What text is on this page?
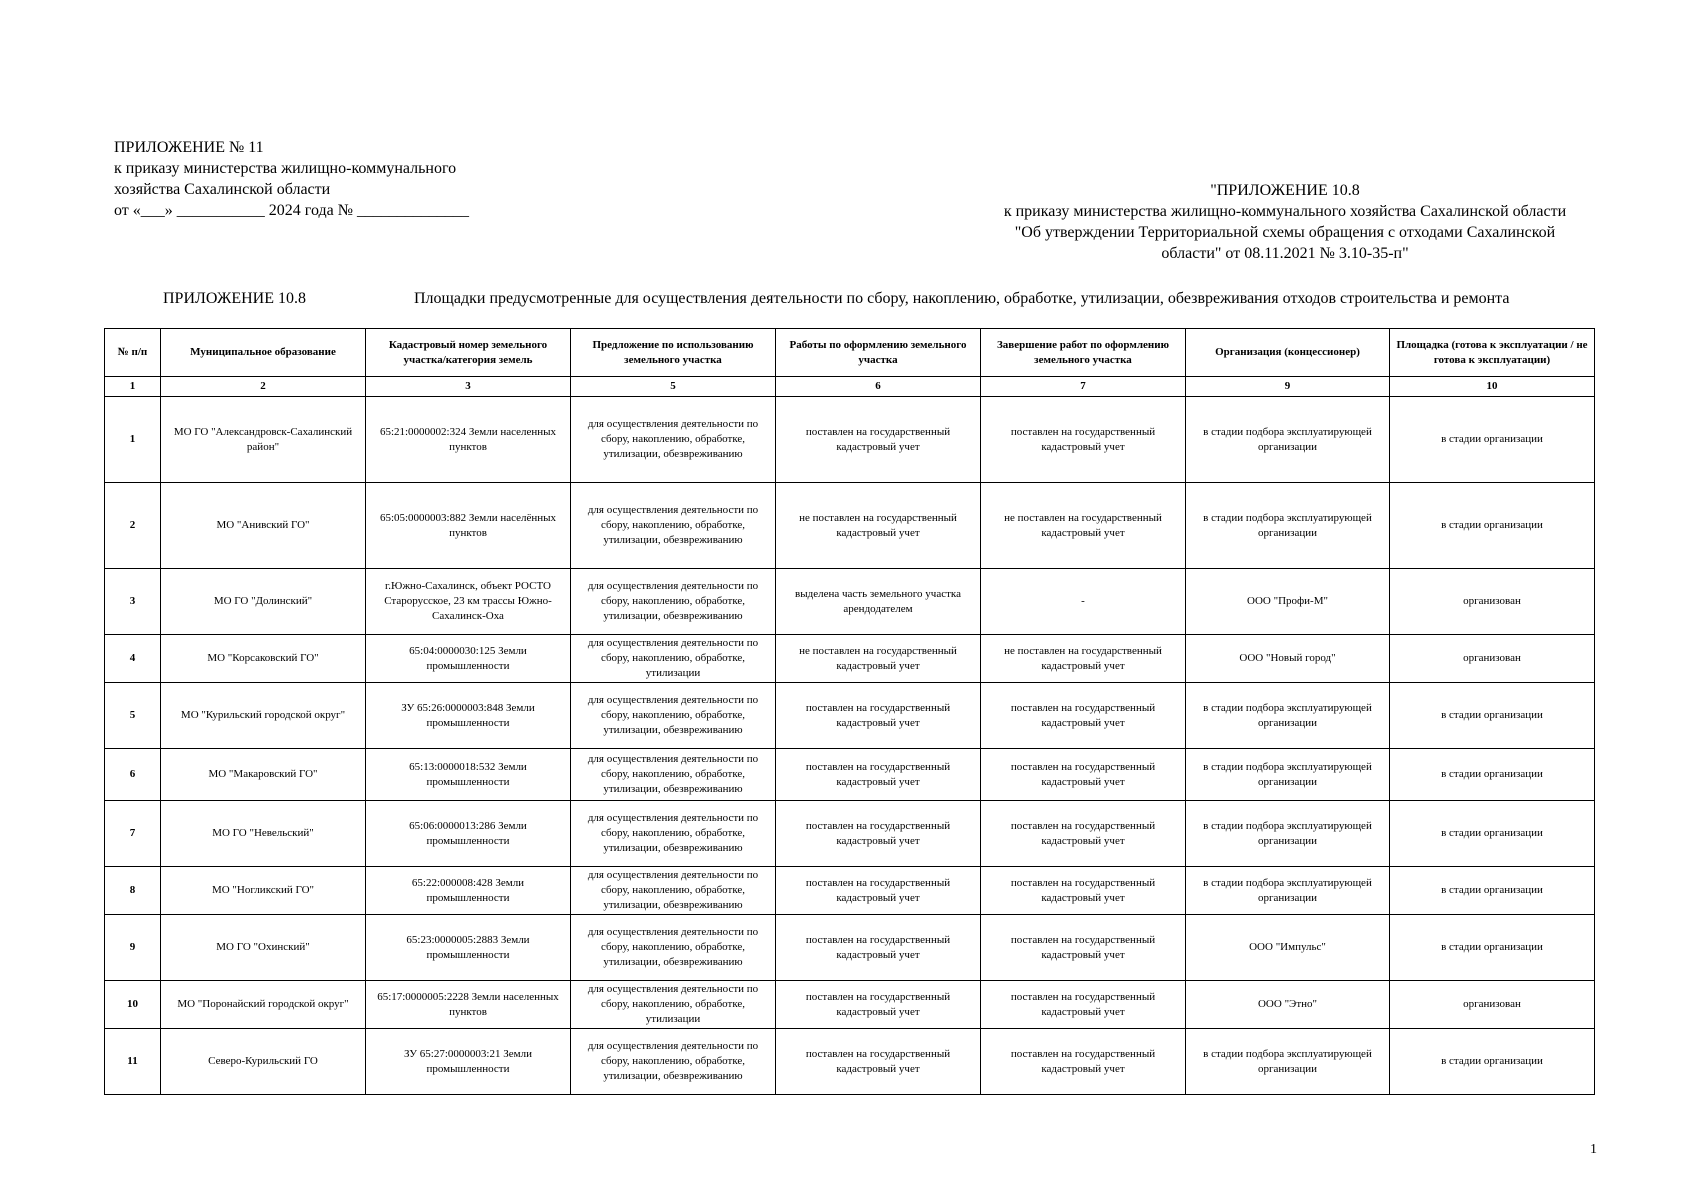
ПРИЛОЖЕНИЕ № 11
к приказу министерства жилищно-коммунального
хозяйства Сахалинской области
от «___» ___________ 2024 года № ______________
"ПРИЛОЖЕНИЕ 10.8
к приказу министерства жилищно-коммунального хозяйства Сахалинской области
"Об утверждении Территориальной схемы обращения с отходами Сахалинской
области" от 08.11.2021 № 3.10-35-п"
ПРИЛОЖЕНИЕ 10.8	Площадки предусмотренные для осуществления деятельности по сбору, накоплению, обработке, утилизации, обезвреживания отходов строительства и ремонта
№ п/п	Муниципальное образование	Кадастровый номер земельного участка/категория земель	Предложение по использованию земельного участка	Работы по оформлению земельного участка	Завершение работ по оформлению земельного участка	Организация (концессионер)	Площадка (готова к эксплуатации / не готова к эксплуатации)
1	2	3	5	6	7	9	10
1	МО ГО "Александровск-Сахалинский район"	65:21:0000002:324 Земли населенных пунктов	для осуществления деятельности по сбору, накоплению, обработке, утилизации, обезвреживанию	поставлен на государственный кадастровый учет	поставлен на государственный кадастровый учет	в стадии подбора эксплуатирующей организации	в стадии организации
2	МО "Анивский ГО"	65:05:0000003:882 Земли населённых пунктов	для осуществления деятельности по сбору, накоплению, обработке, утилизации, обезвреживанию	не поставлен на государственный кадастровый учет	не поставлен на государственный кадастровый учет	в стадии подбора эксплуатирующей организации	в стадии организации
3	МО ГО "Долинский"	г.Южно-Сахалинск, объект РОСТО Старорусское, 23 км трассы Южно-Сахалинск-Оха	для осуществления деятельности по сбору, накоплению, обработке, утилизации, обезвреживанию	выделена часть земельного участка арендодателем	-	ООО "Профи-М"	организован
4	МО "Корсаковский ГО"	65:04:0000030:125 Земли промышленности	для осуществления деятельности по сбору, накоплению, обработке, утилизации	не поставлен на государственный кадастровый учет	не поставлен на государственный кадастровый учет	ООО "Новый город"	организован
5	МО "Курильский городской округ"	ЗУ 65:26:0000003:848 Земли промышленности	для осуществления деятельности по сбору, накоплению, обработке, утилизации, обезвреживанию	поставлен на государственный кадастровый учет	поставлен на государственный кадастровый учет	в стадии подбора эксплуатирующей организации	в стадии организации
6	МО "Макаровский ГО"	65:13:0000018:532 Земли промышленности	для осуществления деятельности по сбору, накоплению, обработке, утилизации, обезвреживанию	поставлен на государственный кадастровый учет	поставлен на государственный кадастровый учет	в стадии подбора эксплуатирующей организации	в стадии организации
7	МО ГО "Невельский"	65:06:0000013:286 Земли промышленности	для осуществления деятельности по сбору, накоплению, обработке, утилизации, обезвреживанию	поставлен на государственный кадастровый учет	поставлен на государственный кадастровый учет	в стадии подбора эксплуатирующей организации	в стадии организации
8	МО "Ногликский ГО"	65:22:000008:428 Земли промышленности	для осуществления деятельности по сбору, накоплению, обработке, утилизации, обезвреживанию	поставлен на государственный кадастровый учет	поставлен на государственный кадастровый учет	в стадии подбора эксплуатирующей организации	в стадии организации
9	МО ГО "Охинский"	65:23:0000005:2883 Земли промышленности	для осуществления деятельности по сбору, накоплению, обработке, утилизации, обезвреживанию	поставлен на государственный кадастровый учет	поставлен на государственный кадастровый учет	ООО "Импульс"	в стадии организации
10	МО "Поронайский городской округ"	65:17:0000005:2228 Земли населенных пунктов	для осуществления деятельности по сбору, накоплению, обработке, утилизации	поставлен на государственный кадастровый учет	поставлен на государственный кадастровый учет	ООО "Этно"	организован
11	Северо-Курильский ГО	ЗУ 65:27:0000003:21 Земли промышленности	для осуществления деятельности по сбору, накоплению, обработке, утилизации, обезвреживанию	поставлен на государственный кадастровый учет	поставлен на государственный кадастровый учет	в стадии подбора эксплуатирующей организации	в стадии организации
1
